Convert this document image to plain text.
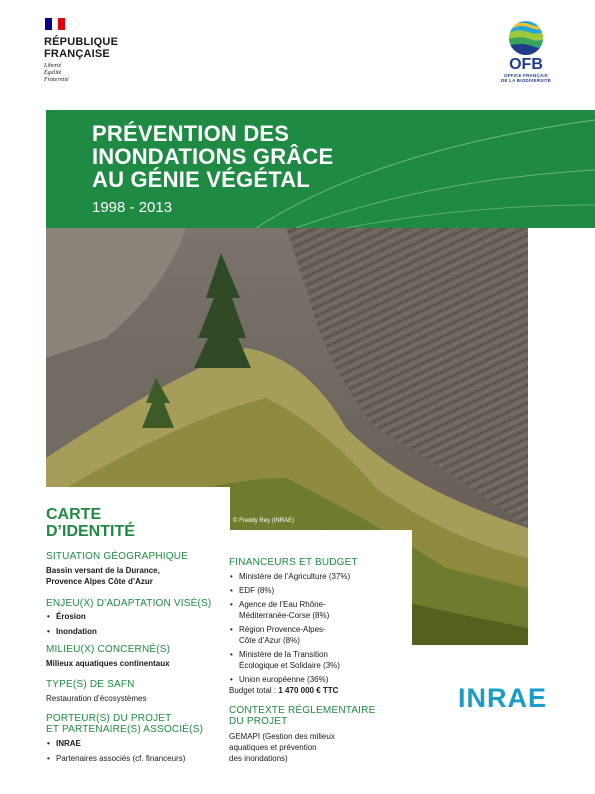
RÉPUBLIQUE
FRANÇAISE
Liberté
Égalité
Fraternité
OFB
OFFICE FRANÇAIS
DE LA BIODIVERSITÉ
PRÉVENTION DES
INONDATIONS GRÂCE
AU GÉNIE VÉGÉTAL
1998 - 2013
© Freddy Rey (INRAE)
CARTE
D’IDENTITÉ
SITUATION GÉOGRAPHIQUE
Bassin versant de la Durance,
Provence Alpes Côte d’Azur
ENJEU(X) D’ADAPTATION VISÉ(S)
• Érosion
• Inondation
MILIEU(X) CONCERNÉ(S)
Milieux aquatiques continentaux
TYPE(S) DE SAFN
Restauration d’écosystèmes
PORTEUR(S) DU PROJET
ET PARTENAIRE(S) ASSOCIÉ(S)
• INRAE
• Partenaires associés (cf. financeurs)
FINANCEURS ET BUDGET
• Ministère de l’Agriculture (37%)
• EDF (8%)
• Agence de l’Eau Rhône-
Méditerranée-Corse (8%)
• Région Provence-Alpes-
Côte d’Azur (8%)
• Ministère de la Transition
Écologique et Solidaire (3%)
• Union européenne (36%)
Budget total : 1 470 000 € TTC
CONTEXTE RÉGLEMENTAIRE
DU PROJET
GEMAPI (Gestion des milieux
aquatiques et prévention
des inondations)
INRAE
